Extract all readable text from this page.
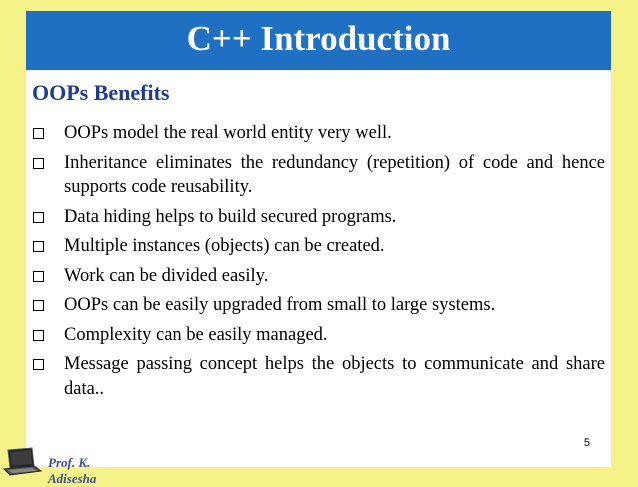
C++ Introduction
OOPs Benefits
OOPs model the real world entity very well.
Inheritance eliminates the redundancy (repetition) of code and hence supports code reusability.
Data hiding helps to build secured programs.
Multiple instances (objects) can be created.
Work can be divided easily.
OOPs can be easily upgraded from small to large systems.
Complexity can be easily managed.
Message passing concept helps the objects to communicate and share data..
5
Prof. K. Adisesha
